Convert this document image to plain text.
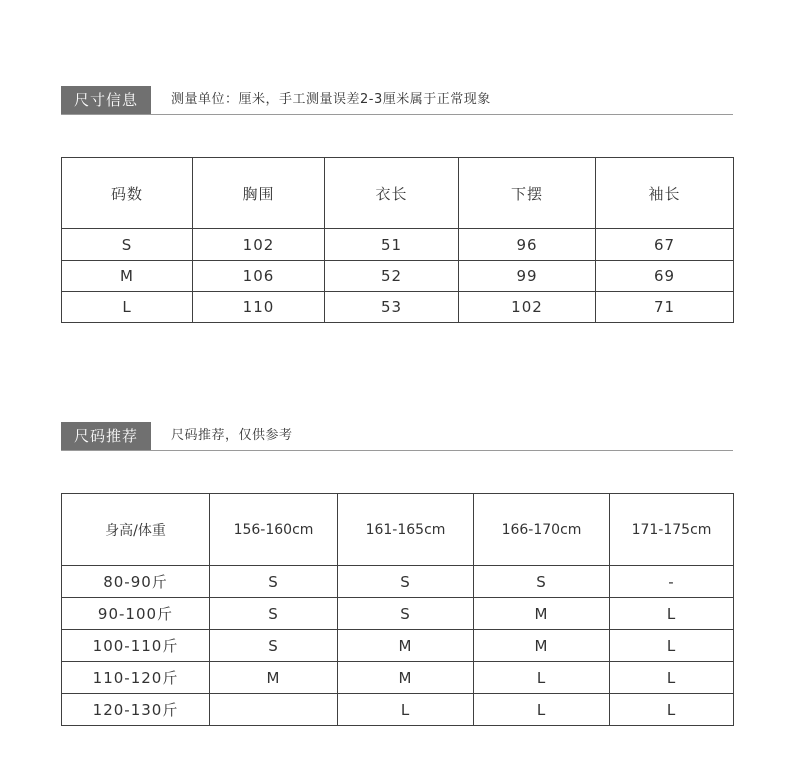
尺寸信息	测量单位：厘米，手工测量误差2-3厘米属于正常现象
码数	胸围	衣长	下摆	袖长
S	102	51	96	67
M	106	52	99	69
L	110	53	102	71
尺码推荐	尺码推荐，仅供参考
身高/体重	156-160cm	161-165cm	166-170cm	171-175cm
80-90斤	S	S	S	-
90-100斤	S	S	M	L
100-110斤	S	M	M	L
110-120斤	M	M	L	L
120-130斤		L	L	L
